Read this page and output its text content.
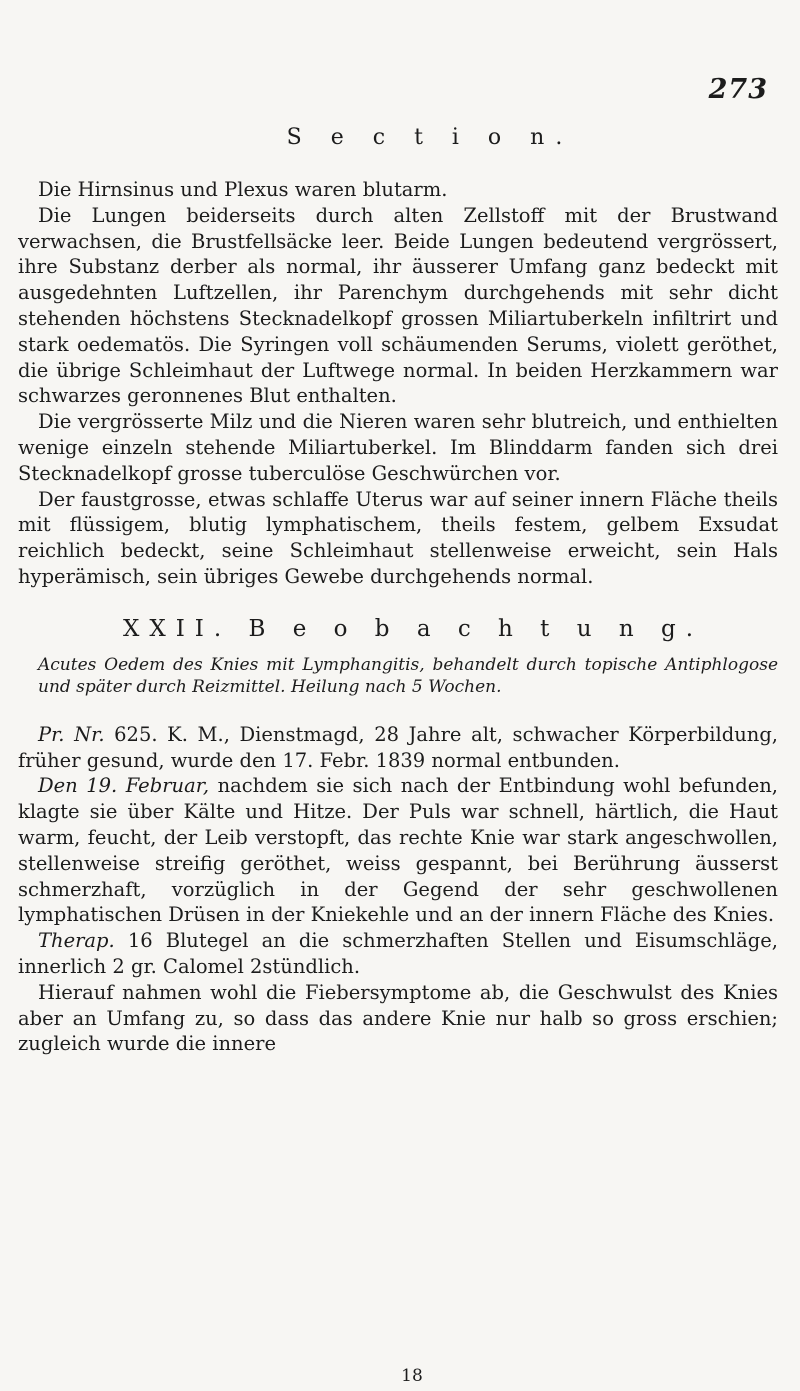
273
S e c t i o n.

Die Hirnsinus und Plexus waren blutarm.

Die Lungen beiderseits durch alten Zellstoff mit der Brustwand verwachsen, die Brustfellsäcke leer. Beide Lungen bedeutend vergrössert, ihre Substanz derber als normal, ihr äusserer Umfang ganz bedeckt mit ausgedehnten Luftzellen, ihr Parenchym durchgehends mit sehr dicht stehenden höchstens Stecknadelkopf grossen Miliartuberkeln infiltrirt und stark oedematös. Die Syringen voll schäumenden Serums, violett geröthet, die übrige Schleimhaut der Luftwege normal. In beiden Herzkammern war schwarzes geronnenes Blut enthalten.

Die vergrösserte Milz und die Nieren waren sehr blutreich, und enthielten wenige einzeln stehende Miliartuberkel. Im Blinddarm fanden sich drei Stecknadelkopf grosse tuberculöse Geschwürchen vor.

Der faustgrosse, etwas schlaffe Uterus war auf seiner innern Fläche theils mit flüssigem, blutig lymphatischem, theils festem, gelbem Exsudat reichlich bedeckt, seine Schleimhaut stellenweise erweicht, sein Hals hyperämisch, sein übriges Gewebe durchgehends normal.

XXII. B e o b a c h t u n g.

Acutes Oedem des Knies mit Lymphangitis, behandelt durch topische Antiphlogose und später durch Reizmittel. Heilung nach 5 Wochen.

Pr. Nr. 625. K. M., Dienstmagd, 28 Jahre alt, schwacher Körperbildung, früher gesund, wurde den 17. Febr. 1839 normal entbunden.

Den 19. Februar, nachdem sie sich nach der Entbindung wohl befunden, klagte sie über Kälte und Hitze. Der Puls war schnell, härtlich, die Haut warm, feucht, der Leib verstopft, das rechte Knie war stark angeschwollen, stellenweise streifig geröthet, weiss gespannt, bei Berührung äusserst schmerzhaft, vorzüglich in der Gegend der sehr geschwollenen lymphatischen Drüsen in der Kniekehle und an der innern Fläche des Knies.

Therap. 16 Blutegel an die schmerzhaften Stellen und Eisumschläge, innerlich 2 gr. Calomel 2stündlich.

Hierauf nahmen wohl die Fiebersymptome ab, die Geschwulst des Knies aber an Umfang zu, so dass das andere Knie nur halb so gross erschien; zugleich wurde die innere

18
